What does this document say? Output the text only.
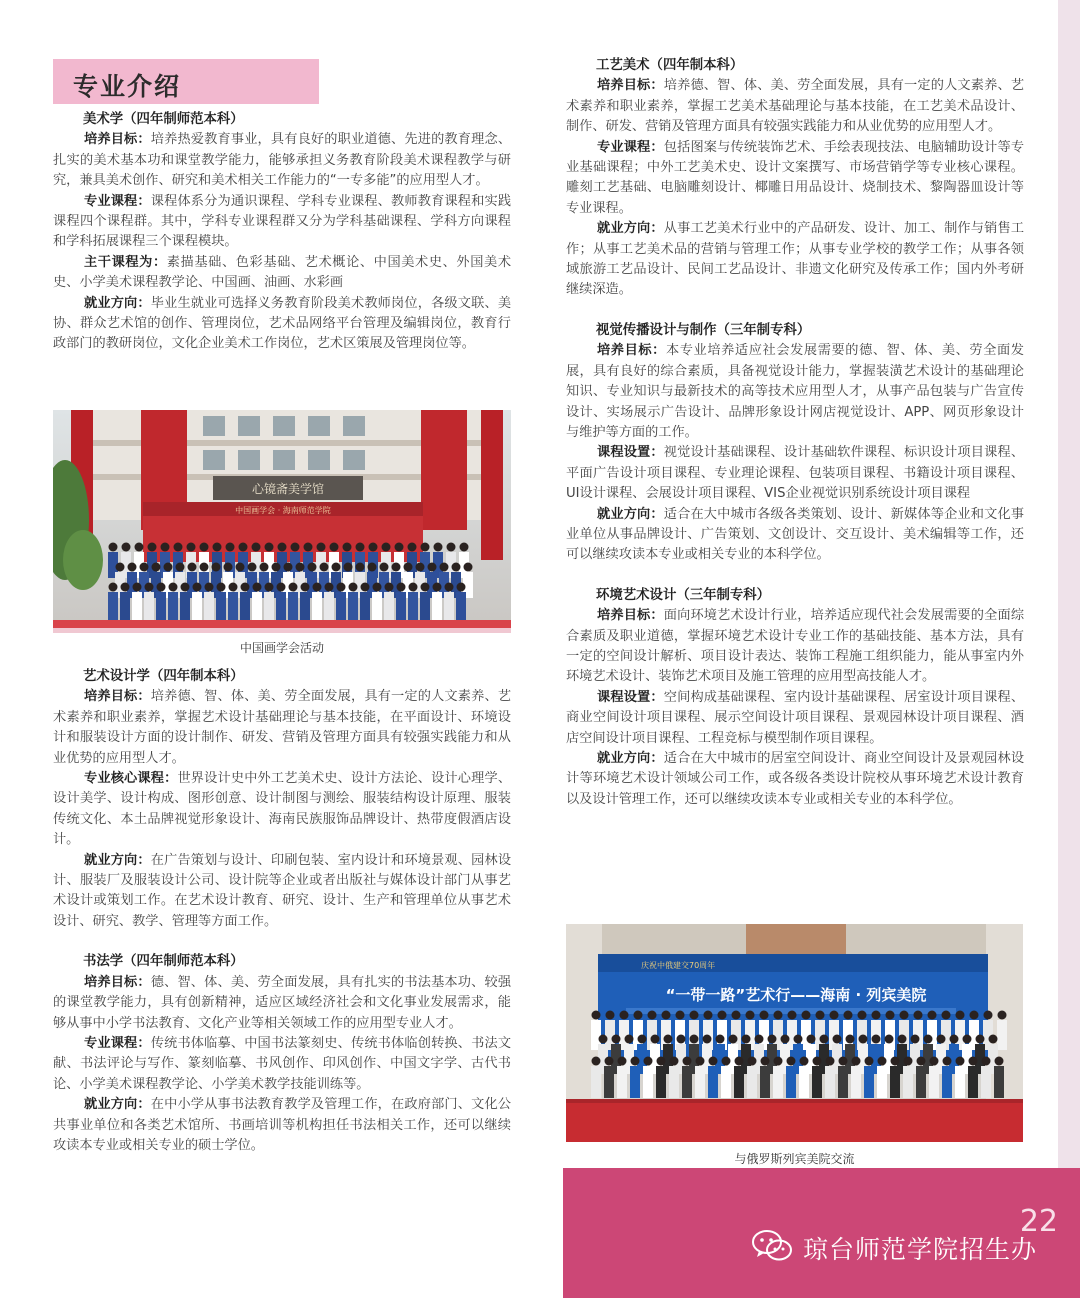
专业介绍
美术学（四年制师范本科）

培养目标：培养热爱教育事业，具有良好的职业道德、先进的教育理念、扎实的美术基本功和课堂教学能力，能够承担义务教育阶段美术课程教学与研究，兼具美术创作、研究和美术相关工作能力的“一专多能”的应用型人才。

专业课程：课程体系分为通识课程、学科专业课程、教师教育课程和实践课程四个课程群。其中，学科专业课程群又分为学科基础课程、学科方向课程和学科拓展课程三个课程模块。

主干课程为：素描基础、色彩基础、艺术概论、中国美术史、外国美术史、小学美术课程教学论、中国画、油画、水彩画

就业方向：毕业生就业可选择义务教育阶段美术教师岗位，各级文联、美协、群众艺术馆的创作、管理岗位，艺术品网络平台管理及编辑岗位，教育行政部门的教研岗位，文化企业美术工作岗位，艺术区策展及管理岗位等。

艺术设计学（四年制本科）

培养目标：培养德、智、体、美、劳全面发展，具有一定的人文素养、艺术素养和职业素养，掌握艺术设计基础理论与基本技能，在平面设计、环境设计和服装设计方面的设计制作、研发、营销及管理方面具有较强实践能力和从业优势的应用型人才。

专业核心课程：世界设计史中外工艺美术史、设计方法论、设计心理学、设计美学、设计构成、图形创意、设计制图与测绘、服装结构设计原理、服装传统文化、本土品牌视觉形象设计、海南民族服饰品牌设计、热带度假酒店设计。

就业方向：在广告策划与设计、印刷包装、室内设计和环境景观、园林设计、服装厂及服装设计公司、设计院等企业或者出版社与媒体设计部门从事艺术设计或策划工作。在艺术设计教育、研究、设计、生产和管理单位从事艺术设计、研究、教学、管理等方面工作。

书法学（四年制师范本科）

培养目标：德、智、体、美、劳全面发展，具有扎实的书法基本功、较强的课堂教学能力，具有创新精神，适应区域经济社会和文化事业发展需求，能够从事中小学书法教育、文化产业等相关领域工作的应用型专业人才。

专业课程：传统书体临摹、中国书法篆刻史、传统书体临创转换、书法文献、书法评论与写作、篆刻临摹、书风创作、印风创作、中国文字学、古代书论、小学美术课程教学论、小学美术教学技能训练等。

就业方向：在中小学从事书法教育教学及管理工作，在政府部门、文化公共事业单位和各类艺术馆所、书画培训等机构担任书法相关工作，还可以继续攻读本专业或相关专业的硕士学位。

工艺美术（四年制本科）

培养目标：培养德、智、体、美、劳全面发展，具有一定的人文素养、艺术素养和职业素养，掌握工艺美术基础理论与基本技能，在工艺美术品设计、制作、研发、营销及管理方面具有较强实践能力和从业优势的应用型人才。

专业课程：包括图案与传统装饰艺术、手绘表现技法、电脑辅助设计等专业基础课程；中外工艺美术史、设计文案撰写、市场营销学等专业核心课程。雕刻工艺基础、电脑雕刻设计、椰雕日用品设计、烧制技术、黎陶器皿设计等专业课程。

就业方向：从事工艺美术行业中的产品研发、设计、加工、制作与销售工作；从事工艺美术品的营销与管理工作；从事专业学校的教学工作；从事各领域旅游工艺品设计、民间工艺品设计、非遗文化研究及传承工作；国内外考研继续深造。

视觉传播设计与制作（三年制专科）

培养目标：本专业培养适应社会发展需要的德、智、体、美、劳全面发展，具有良好的综合素质，具备视觉设计能力，掌握装潢艺术设计的基础理论知识、专业知识与最新技术的高等技术应用型人才，从事产品包装与广告宣传设计、实场展示广告设计、品牌形象设计网店视觉设计、APP、网页形象设计与维护等方面的工作。

课程设置：视觉设计基础课程、设计基础软件课程、标识设计项目课程、平面广告设计项目课程、专业理论课程、包装项目课程、书籍设计项目课程、UI设计课程、会展设计项目课程、VIS企业视觉识别系统设计项目课程

就业方向：适合在大中城市各级各类策划、设计、新媒体等企业和文化事业单位从事品牌设计、广告策划、文创设计、交互设计、美术编辑等工作，还可以继续攻读本专业或相关专业的本科学位。

环境艺术设计（三年制专科）

培养目标：面向环境艺术设计行业，培养适应现代社会发展需要的全面综合素质及职业道德，掌握环境艺术设计专业工作的基础技能、基本方法，具有一定的空间设计解析、项目设计表达、装饰工程施工组织能力，能从事室内外环境艺术设计、装饰艺术项目及施工管理的应用型高技能人才。

课程设置：空间构成基础课程、室内设计基础课程、居室设计项目课程、商业空间设计项目课程、展示空间设计项目课程、景观园林设计项目课程、酒店空间设计项目课程、工程竞标与模型制作项目课程。

就业方向：适合在大中城市的居室空间设计、商业空间设计及景观园林设计等环境艺术设计领域公司工作，或各级各类设计院校从事环境艺术设计教育以及设计管理工作，还可以继续攻读本专业或相关专业的本科学位。

心镜斋美学馆
中国画学会 · 海南师范学院
中国画学会活动
庆祝中俄建交70周年
“一带一路”艺术行——海南 · 列宾美院
与俄罗斯列宾美院交流
22
琼台师范学院招生办
